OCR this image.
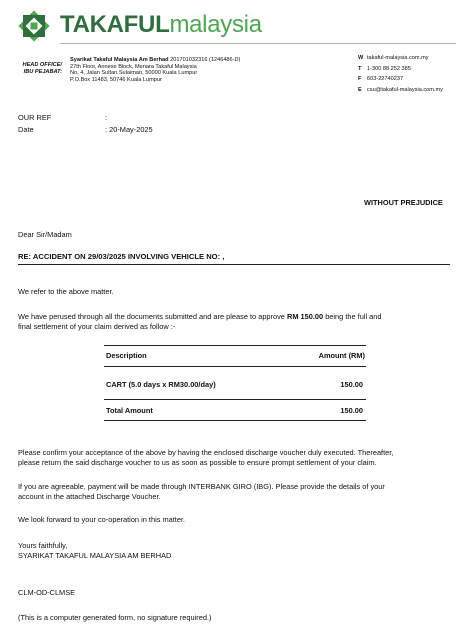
TAKAFULmalaysia
HEAD OFFICE/
IBU PEJABAT:
Syarikat Takaful Malaysia Am Berhad 201701032316 (1246486-D)
27th Floor, Annexe Block, Menara Takaful Malaysia
No. 4, Jalan Sultan Sulaiman, 50000 Kuala Lumpur
P.O.Box 11483, 50746 Kuala Lumpur
W takaful-malaysia.com.my
T 1-300 88 252 385
F 603-22740237
E csu@takaful-malaysia.com.my
OUR REF	:
Date	: 20-May-2025
WITHOUT PREJUDICE
Dear Sir/Madam
RE: ACCIDENT ON 29/03/2025 INVOLVING VEHICLE NO: ,
We refer to the above matter.
We have perused through all the documents submitted and are please to approve RM 150.00 being the full and
final settlement of your claim derived as follow :-
Description	Amount (RM)
CART (5.0 days x RM30.00/day)	150.00
Total Amount	150.00
Please confirm your acceptance of the above by having the enclosed discharge voucher duly executed. Thereafter,
please return the said discharge voucher to us as soon as possible to ensure prompt settlement of your claim.
If you are agreeable, payment will be made through INTERBANK GIRO (IBG). Please provide the details of your
account in the attached Discharge Voucher.
We look forward to your co-operation in this matter.
Yours faithfully,
SYARIKAT TAKAFUL MALAYSIA AM BERHAD
CLM-OD-CLMSE
(This is a computer generated form, no signature required.)
